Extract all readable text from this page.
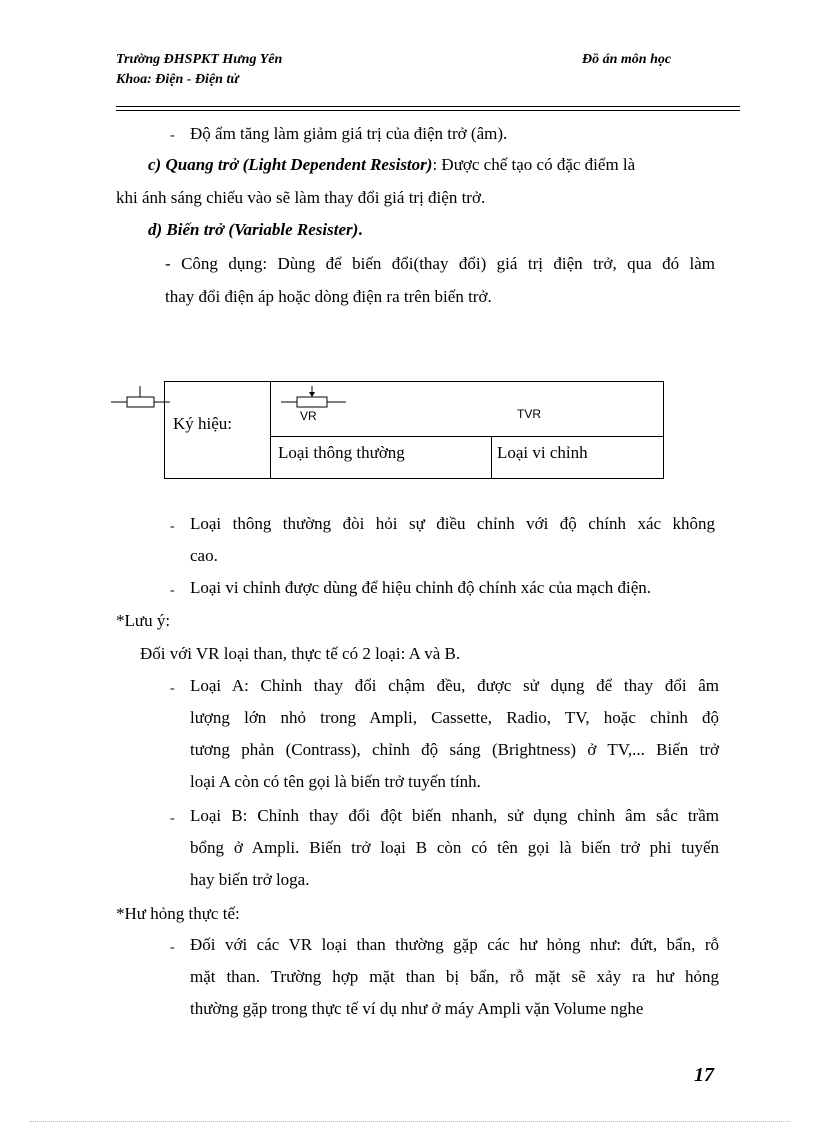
Trường ĐHSPKT Hưng Yên
Khoa: Điện - Điện tử
Đồ án môn học
- Độ ẩm tăng làm giảm giá trị của điện trở (âm).
c) Quang trở (Light Dependent Resistor): Được chế tạo có đặc điểm là
khi ánh sáng chiếu vào sẽ làm thay đổi giá trị điện trở.
d) Biến trở (Variable Resister).
- Công dụng: Dùng để biến đổi(thay đổi) giá trị điện trở, qua đó làm
thay đổi điện áp hoặc dòng điện ra trên biến trở.
VR	TVR
Ký hiệu:
Loại thông thường	Loại vi chỉnh
- Loại thông thường đòi hỏi sự điều chỉnh với độ chính xác không
cao.
- Loại vi chỉnh được dùng để hiệu chỉnh độ chính xác của mạch điện.
*Lưu ý:
Đối với VR loại than, thực tế có 2 loại: A và B.
- Loại A: Chỉnh thay đổi chậm đều, được sử dụng để thay đổi âm
lượng lớn nhỏ trong Ampli, Cassette, Radio, TV, hoặc chỉnh độ
tương phản (Contrass), chỉnh độ sáng (Brightness) ở TV,... Biến trở
loại A còn có tên gọi là biến trở tuyến tính.
- Loại B: Chỉnh thay đổi đột biến nhanh, sử dụng chỉnh âm sắc trầm
bổng ở Ampli. Biến trở loại B còn có tên gọi là biến trở phi tuyến
hay biến trở loga.
*Hư hỏng thực tế:
- Đối với các VR loại than thường gặp các hư hỏng như: đứt, bẩn, rỗ
mặt than. Trường hợp mặt than bị bẩn, rỗ mặt sẽ xảy ra hư hỏng
thường gặp trong thực tế ví dụ như ở máy Ampli vặn Volume nghe
17
